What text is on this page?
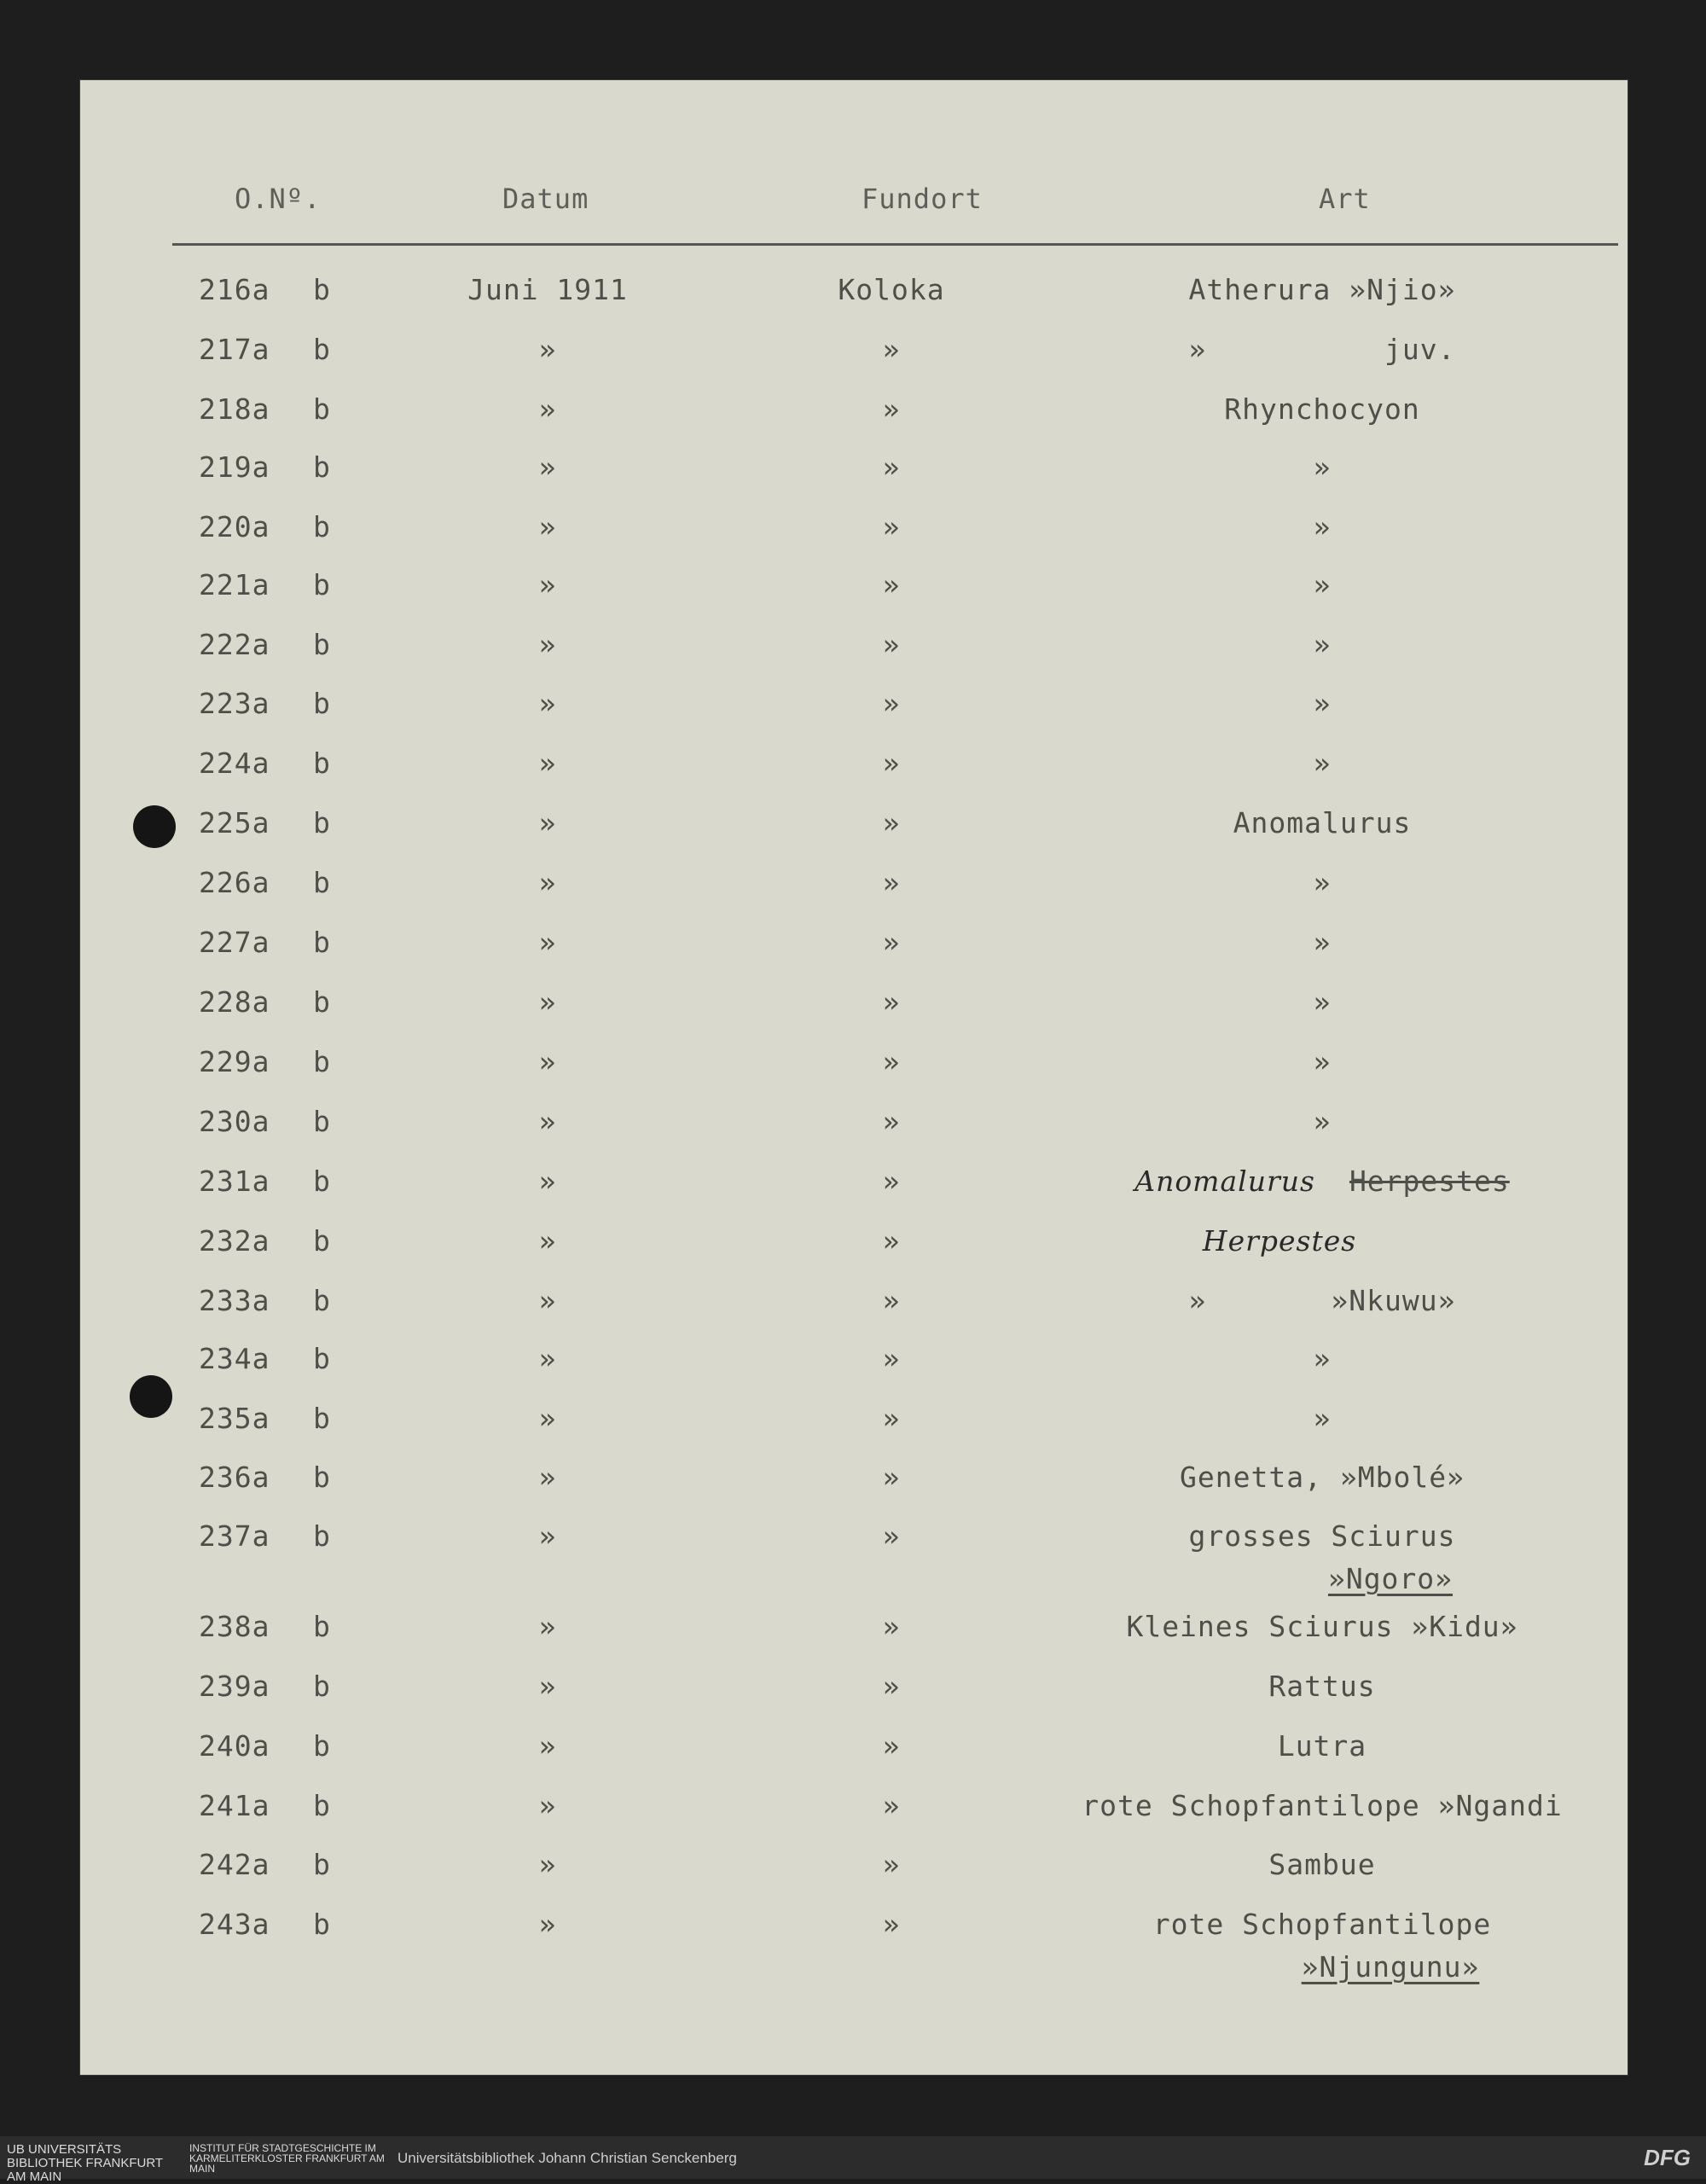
O.Nº.	Datum	Fundort	Art
216a b	Juni 1911	Koloka	Atherura »Njio»
217a b	»	»	»          juv.
218a b	»	»	Rhynchocyon
219a b	»	»	»
220a b	»	»	»
221a b	»	»	»
222a b	»	»	»
223a b	»	»	»
224a b	»	»	»
225a b	»	»	Anomalurus
226a b	»	»	»
227a b	»	»	»
228a b	»	»	»
229a b	»	»	»
230a b	»	»	»
231a b	»	»	Anomalurus Herpestes
232a b	»	»	Herpestes
233a b	»	»	»       »Nkuwu»
234a b	»	»	»
235a b	»	»	»
236a b	»	»	Genetta, »Mbolé»
237a b	»	»	grosses Sciurus
»Ngoro»
238a b	»	»	Kleines Sciurus »Kidu»
239a b	»	»	Rattus
240a b	»	»	Lutra
241a b	»	»	rote Schopfantilope »Ngandi
242a b	»	»	Sambue
243a b	»	»	rote Schopfantilope
»Njungunu»
UB UNIVERSITÄTS BIBLIOTHEK FRANKFURT AM MAIN
INSTITUT FÜR STADTGESCHICHTE IM KARMELITERKLOSTER FRANKFURT AM MAIN
Universitätsbibliothek Johann Christian Senckenberg	DFG
